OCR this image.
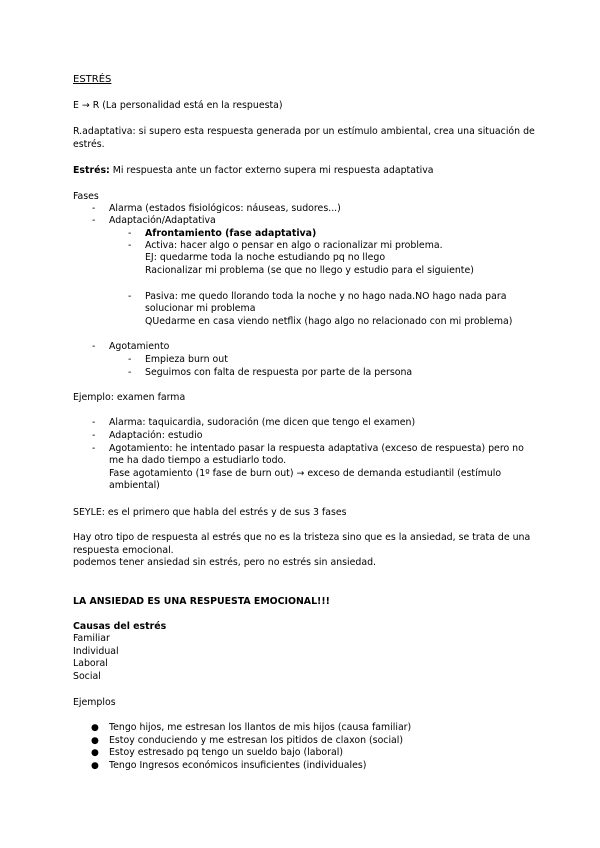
ESTRÉS
E → R (La personalidad está en la respuesta)
R.adaptativa: si supero esta respuesta generada por un estímulo ambiental, crea una situación de
estrés.
Estrés: Mi respuesta ante un factor externo supera mi respuesta adaptativa
Fases
- Alarma (estados fisiológicos: náuseas, sudores...)
- Adaptación/Adaptativa
- Afrontamiento (fase adaptativa)
- Activa: hacer algo o pensar en algo o racionalizar mi problema.
EJ: quedarme toda la noche estudiando pq no llego
Racionalizar mi problema (se que no llego y estudio para el siguiente)
- Pasiva: me quedo llorando toda la noche y no hago nada.NO hago nada para
solucionar mi problema
QUedarme en casa viendo netflix (hago algo no relacionado con mi problema)
- Agotamiento
- Empieza burn out
- Seguimos con falta de respuesta por parte de la persona
Ejemplo: examen farma
- Alarma: taquicardia, sudoración (me dicen que tengo el examen)
- Adaptación: estudio
- Agotamiento: he intentado pasar la respuesta adaptativa (exceso de respuesta) pero no
me ha dado tiempo a estudiarlo todo.
Fase agotamiento (1º fase de burn out) → exceso de demanda estudiantil (estímulo
ambiental)
SEYLE: es el primero que habla del estrés y de sus 3 fases
Hay otro tipo de respuesta al estrés que no es la tristeza sino que es la ansiedad, se trata de una
respuesta emocional.
podemos tener ansiedad sin estrés, pero no estrés sin ansiedad.
LA ANSIEDAD ES UNA RESPUESTA EMOCIONAL!!!
Causas del estrés
Familiar
Individual
Laboral
Social
Ejemplos
● Tengo hijos, me estresan los llantos de mis hijos (causa familiar)
● Estoy conduciendo y me estresan los pitidos de claxon (social)
● Estoy estresado pq tengo un sueldo bajo (laboral)
● Tengo Ingresos económicos insuficientes (individuales)
